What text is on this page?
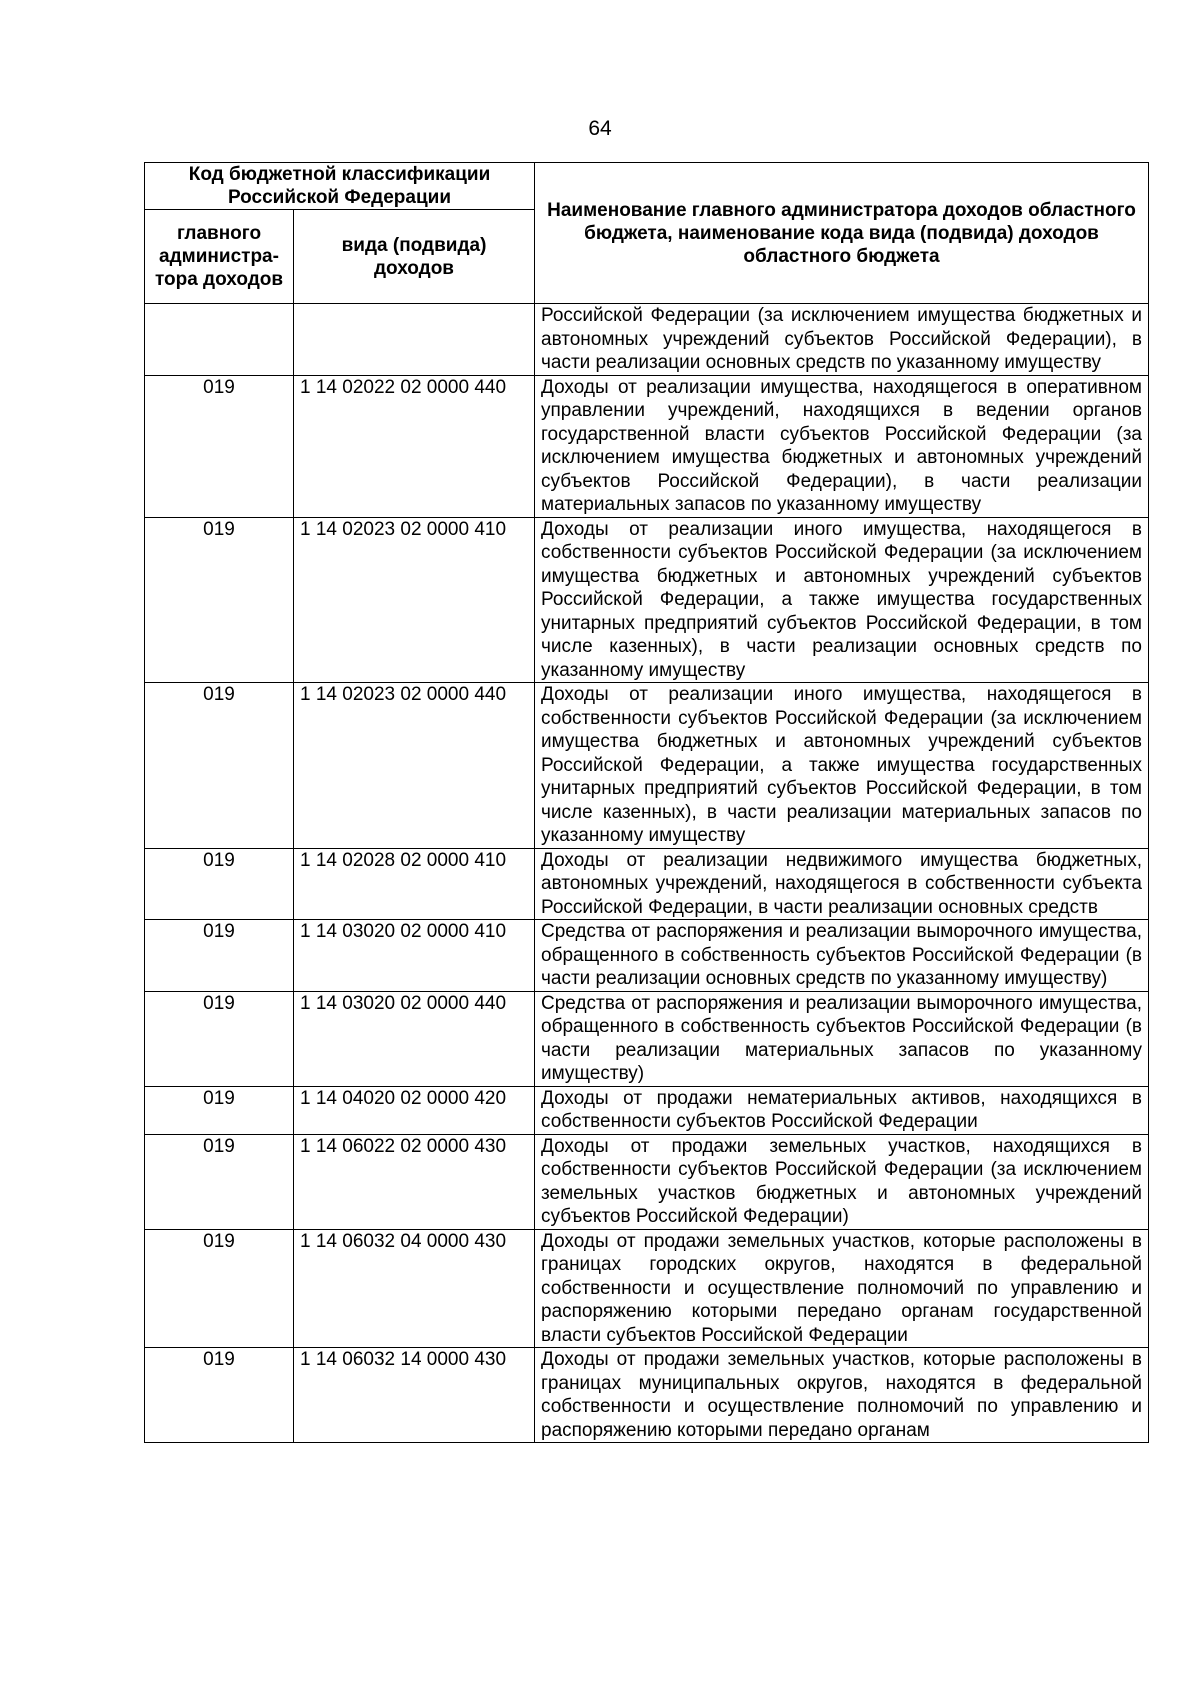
64
Код бюджетной классификации Российской Федерации		Наименование главного администратора доходов областного бюджета, наименование кода вида (подвида) доходов областного бюджета
главного администра-тора доходов	вида (подвида) доходов	
		Российской Федерации (за исключением имущества бюджетных и автономных учреждений субъектов Российской Федерации), в части реализации основных средств по указанному имуществу
019	1 14 02022 02 0000 440	Доходы от реализации имущества, находящегося в оперативном управлении учреждений, находящихся в ведении органов государственной власти субъектов Российской Федерации (за исключением имущества бюджетных и автономных учреждений субъектов Российской Федерации), в части реализации материальных запасов по указанному имуществу
019	1 14 02023 02 0000 410	Доходы от реализации иного имущества, находящегося в собственности субъектов Российской Федерации (за исключением имущества бюджетных и автономных учреждений субъектов Российской Федерации, а также имущества государственных унитарных предприятий субъектов Российской Федерации, в том числе казенных), в части реализации основных средств по указанному имуществу
019	1 14 02023 02 0000 440	Доходы от реализации иного имущества, находящегося в собственности субъектов Российской Федерации (за исключением имущества бюджетных и автономных учреждений субъектов Российской Федерации, а также имущества государственных унитарных предприятий субъектов Российской Федерации, в том числе казенных), в части реализации материальных запасов по указанному имуществу
019	1 14 02028 02 0000 410	Доходы от реализации недвижимого имущества бюджетных, автономных учреждений, находящегося в собственности субъекта Российской Федерации, в части реализации основных средств
019	1 14 03020 02 0000 410	Средства от распоряжения и реализации выморочного имущества, обращенного в собственность субъектов Российской Федерации (в части реализации основных средств по указанному имуществу)
019	1 14 03020 02 0000 440	Средства от распоряжения и реализации выморочного имущества, обращенного в собственность субъектов Российской Федерации (в части реализации материальных запасов по указанному имуществу)
019	1 14 04020 02 0000 420	Доходы от продажи нематериальных активов, находящихся в собственности субъектов Российской Федерации
019	1 14 06022 02 0000 430	Доходы от продажи земельных участков, находящихся в собственности субъектов Российской Федерации (за исключением земельных участков бюджетных и автономных учреждений субъектов Российской Федерации)
019	1 14 06032 04 0000 430	Доходы от продажи земельных участков, которые расположены в границах городских округов, находятся в федеральной собственности и осуществление полномочий по управлению и распоряжению которыми передано органам государственной власти субъектов Российской Федерации
019	1 14 06032 14 0000 430	Доходы от продажи земельных участков, которые расположены в границах муниципальных округов, находятся в федеральной собственности и осуществление полномочий по управлению и распоряжению которыми передано органам
